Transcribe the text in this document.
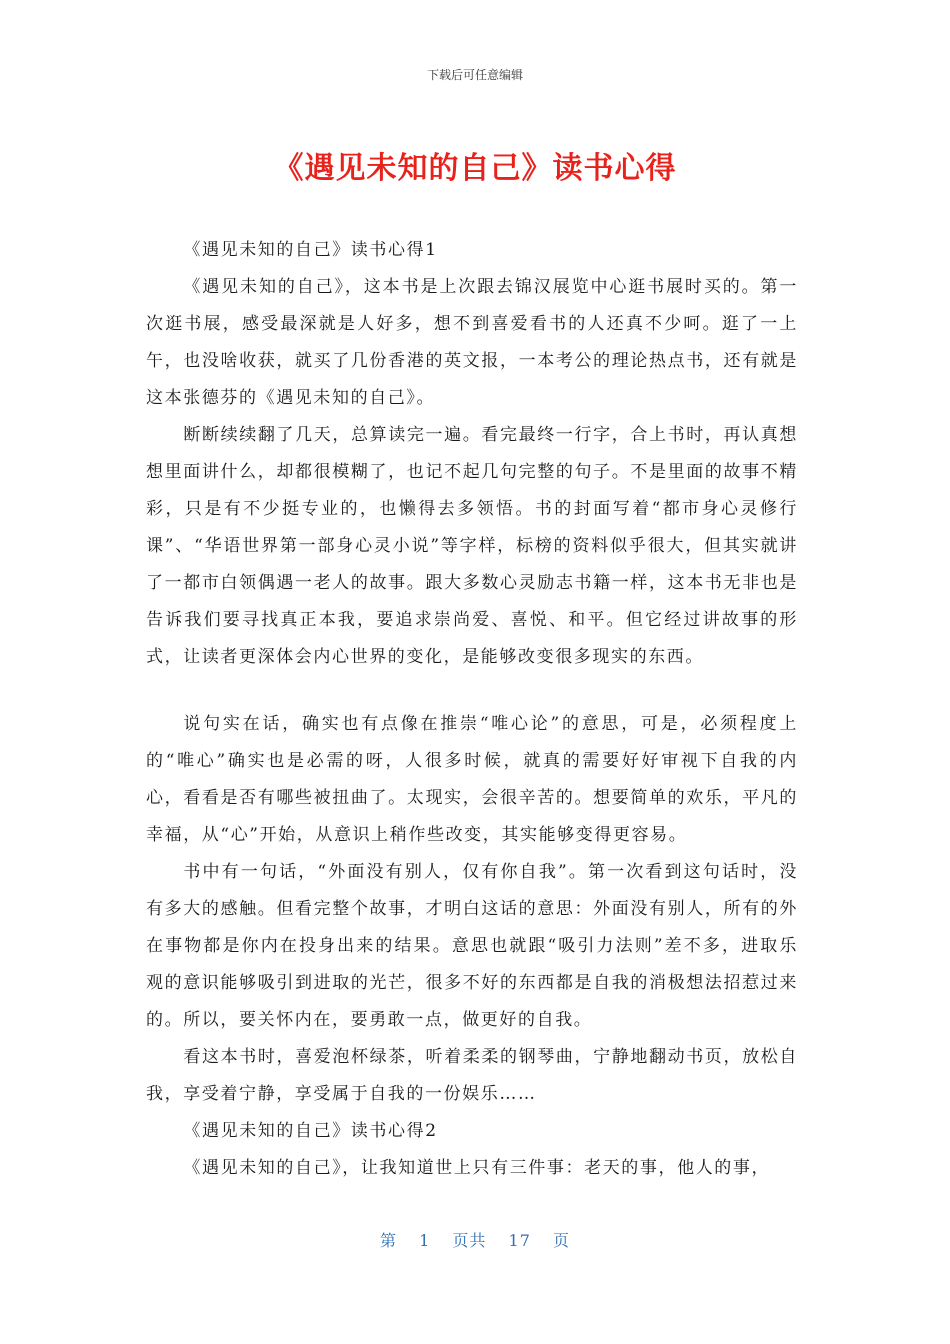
下载后可任意编辑
《遇见未知的自己》读书心得

《遇见未知的自己》读书心得1

《遇见未知的自己》，这本书是上次跟去锦汉展览中心逛书展时买的。第一次逛书展，感受最深就是人好多，想不到喜爱看书的人还真不少呵。逛了一上午，也没啥收获，就买了几份香港的英文报，一本考公的理论热点书，还有就是这本张德芬的《遇见未知的自己》。

断断续续翻了几天，总算读完一遍。看完最终一行字，合上书时，再认真想想里面讲什么，却都很模糊了，也记不起几句完整的句子。不是里面的故事不精彩，只是有不少挺专业的，也懒得去多领悟。书的封面写着“都市身心灵修行课”、“华语世界第一部身心灵小说”等字样，标榜的资料似乎很大，但其实就讲了一都市白领偶遇一老人的故事。跟大多数心灵励志书籍一样，这本书无非也是告诉我们要寻找真正本我，要追求崇尚爱、喜悦、和平。但它经过讲故事的形式，让读者更深体会内心世界的变化，是能够改变很多现实的东西。

说句实在话，确实也有点像在推崇“唯心论”的意思，可是，必须程度上的“唯心”确实也是必需的呀，人很多时候，就真的需要好好审视下自我的内心，看看是否有哪些被扭曲了。太现实，会很辛苦的。想要简单的欢乐，平凡的幸福，从“心”开始，从意识上稍作些改变，其实能够变得更容易。

书中有一句话，“外面没有别人，仅有你自我”。第一次看到这句话时，没有多大的感触。但看完整个故事，才明白这话的意思：外面没有别人，所有的外在事物都是你内在投身出来的结果。意思也就跟“吸引力法则”差不多，进取乐观的意识能够吸引到进取的光芒，很多不好的东西都是自我的消极想法招惹过来的。所以，要关怀内在，要勇敢一点，做更好的自我。

看这本书时，喜爱泡杯绿茶，听着柔柔的钢琴曲，宁静地翻动书页，放松自我，享受着宁静，享受属于自我的一份娱乐……

《遇见未知的自己》读书心得2

《遇见未知的自己》，让我知道世上只有三件事：老天的事，他人的事，

第 1 页共 17 页
